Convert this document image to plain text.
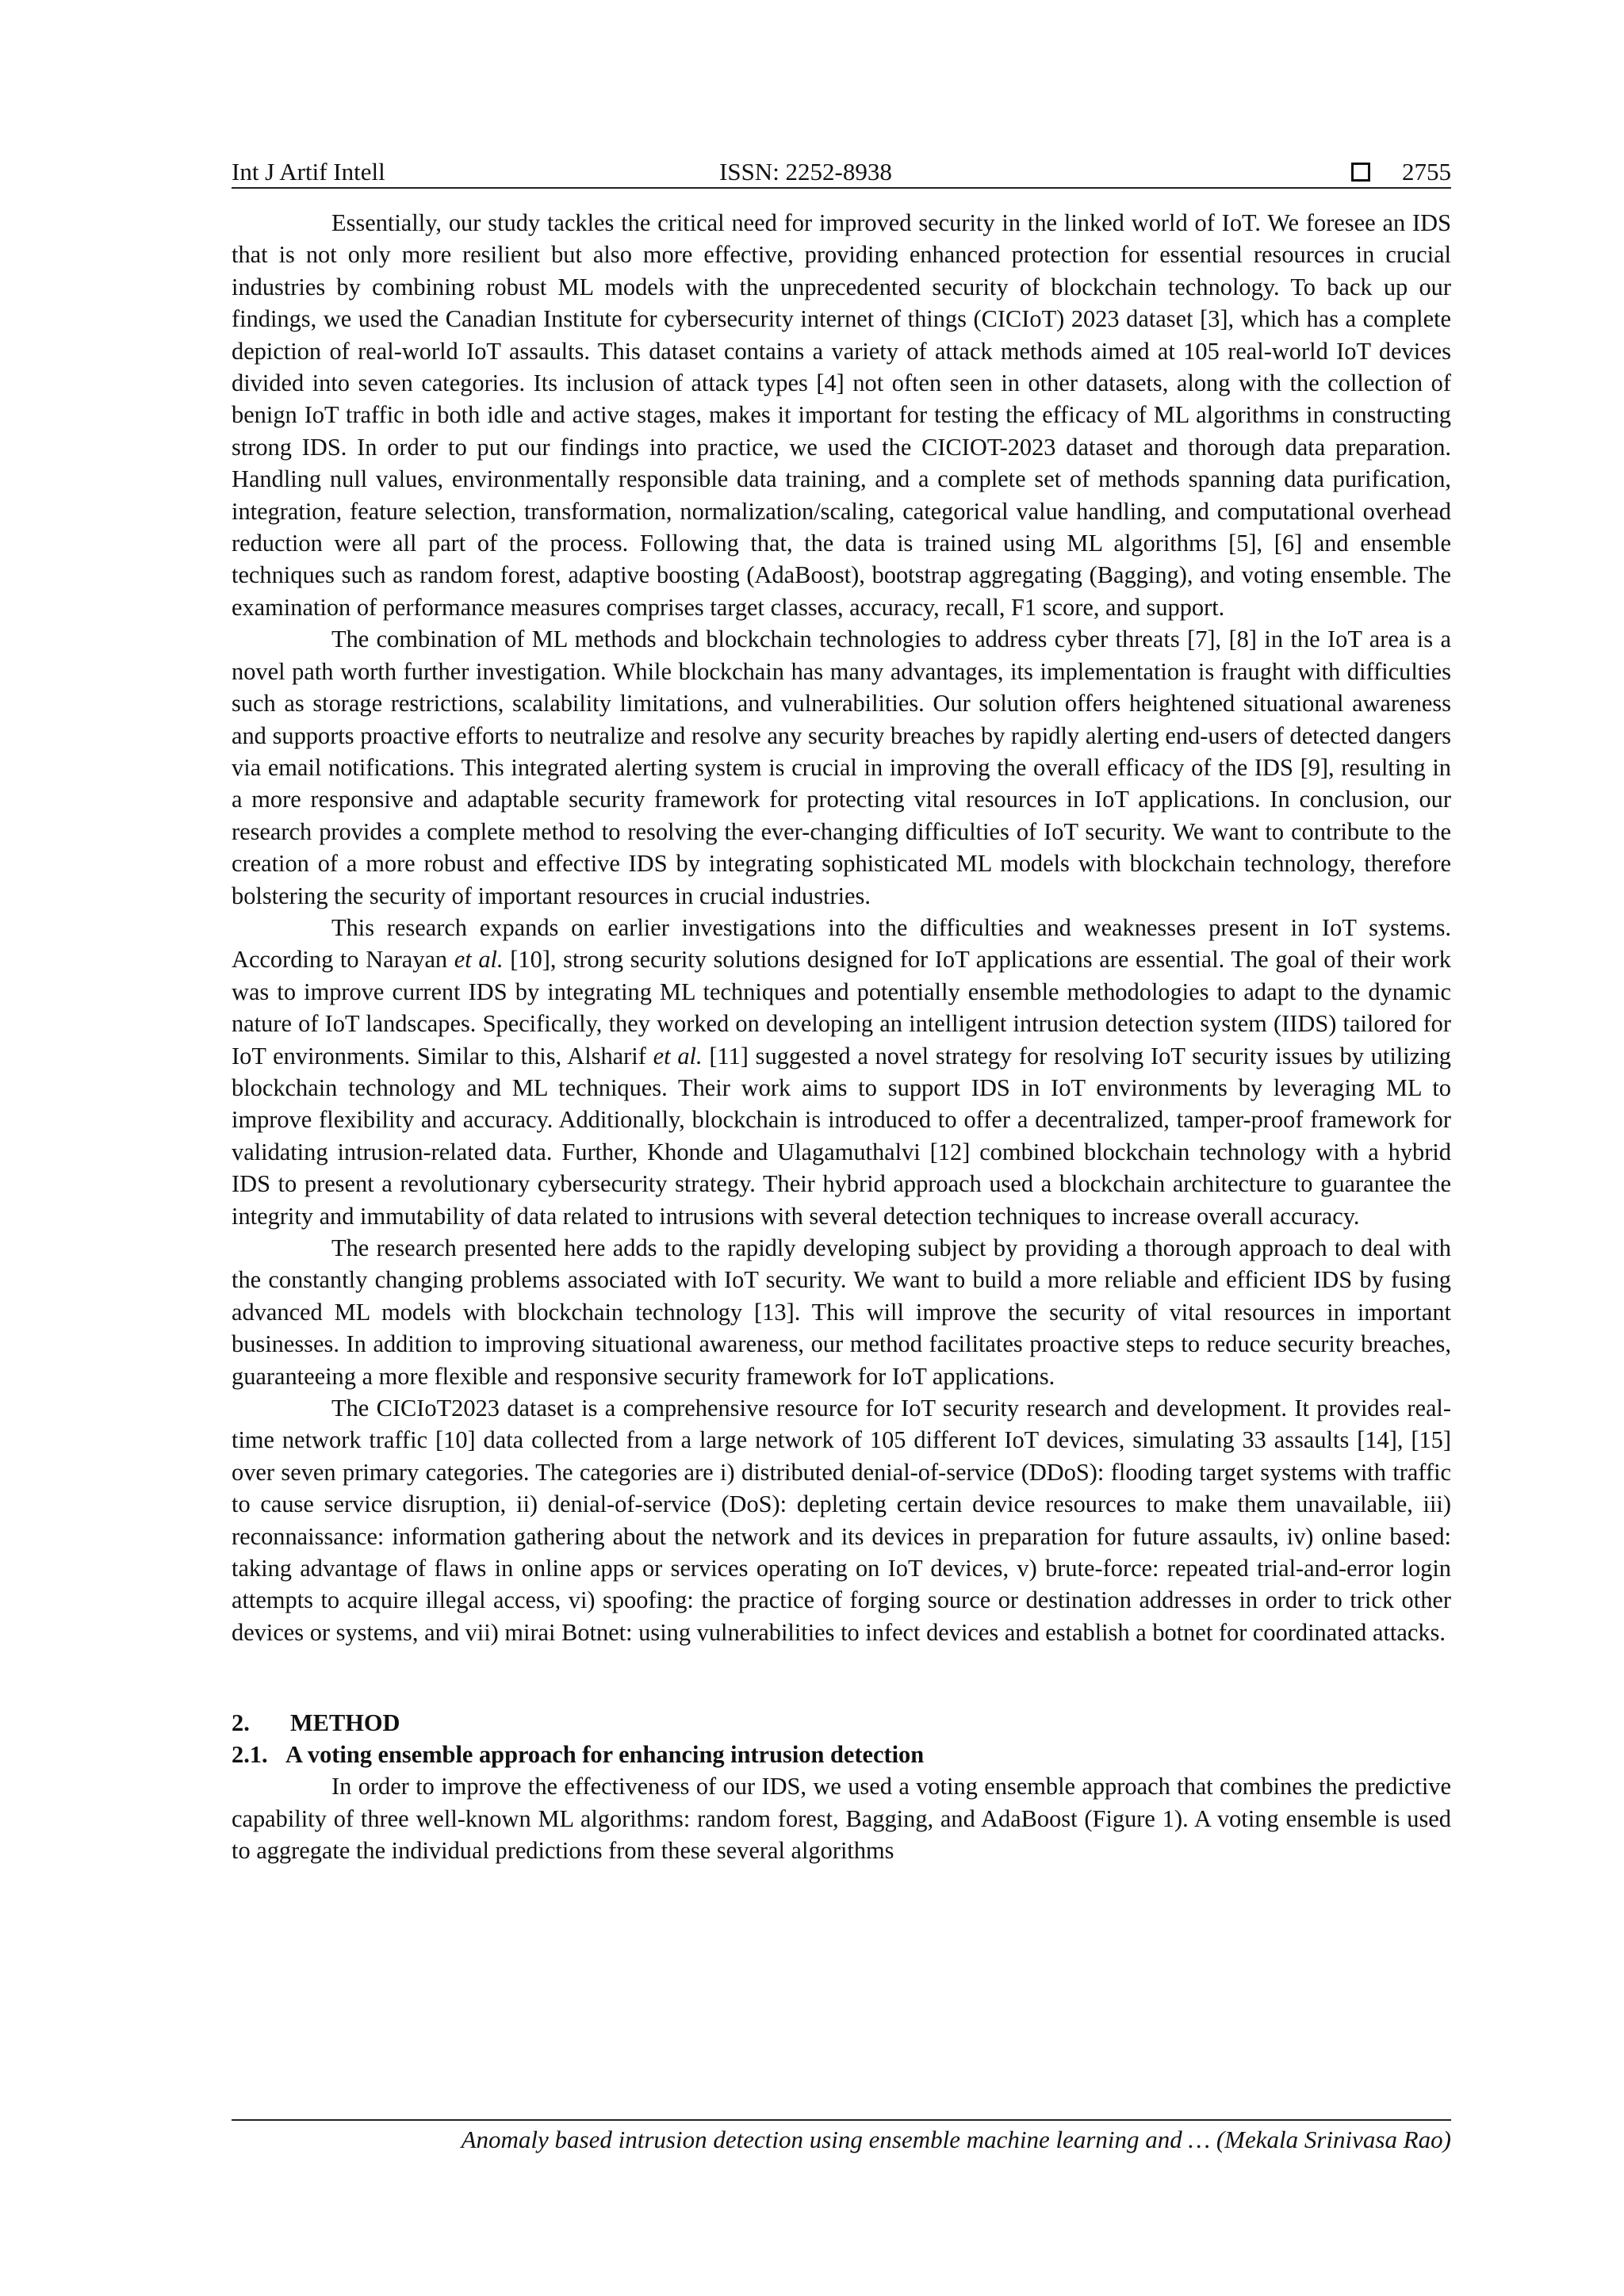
Int J Artif Intell	ISSN: 2252-8938	2755

Essentially, our study tackles the critical need for improved security in the linked world of IoT. We foresee an IDS that is not only more resilient but also more effective, providing enhanced protection for essential resources in crucial industries by combining robust ML models with the unprecedented security of blockchain technology. To back up our findings, we used the Canadian Institute for cybersecurity internet of things (CICIoT) 2023 dataset [3], which has a complete depiction of real-world IoT assaults. This dataset contains a variety of attack methods aimed at 105 real-world IoT devices divided into seven categories. Its inclusion of attack types [4] not often seen in other datasets, along with the collection of benign IoT traffic in both idle and active stages, makes it important for testing the efficacy of ML algorithms in constructing strong IDS. In order to put our findings into practice, we used the CICIOT-2023 dataset and thorough data preparation. Handling null values, environmentally responsible data training, and a complete set of methods spanning data purification, integration, feature selection, transformation, normalization/scaling, categorical value handling, and computational overhead reduction were all part of the process. Following that, the data is trained using ML algorithms [5], [6] and ensemble techniques such as random forest, adaptive boosting (AdaBoost), bootstrap aggregating (Bagging), and voting ensemble. The examination of performance measures comprises target classes, accuracy, recall, F1 score, and support.

The combination of ML methods and blockchain technologies to address cyber threats [7], [8] in the IoT area is a novel path worth further investigation. While blockchain has many advantages, its implementation is fraught with difficulties such as storage restrictions, scalability limitations, and vulnerabilities. Our solution offers heightened situational awareness and supports proactive efforts to neutralize and resolve any security breaches by rapidly alerting end-users of detected dangers via email notifications. This integrated alerting system is crucial in improving the overall efficacy of the IDS [9], resulting in a more responsive and adaptable security framework for protecting vital resources in IoT applications. In conclusion, our research provides a complete method to resolving the ever-changing difficulties of IoT security. We want to contribute to the creation of a more robust and effective IDS by integrating sophisticated ML models with blockchain technology, therefore bolstering the security of important resources in crucial industries.

This research expands on earlier investigations into the difficulties and weaknesses present in IoT systems. According to Narayan et al. [10], strong security solutions designed for IoT applications are essential. The goal of their work was to improve current IDS by integrating ML techniques and potentially ensemble methodologies to adapt to the dynamic nature of IoT landscapes. Specifically, they worked on developing an intelligent intrusion detection system (IIDS) tailored for IoT environments. Similar to this, Alsharif et al. [11] suggested a novel strategy for resolving IoT security issues by utilizing blockchain technology and ML techniques. Their work aims to support IDS in IoT environments by leveraging ML to improve flexibility and accuracy. Additionally, blockchain is introduced to offer a decentralized, tamper-proof framework for validating intrusion-related data. Further, Khonde and Ulagamuthalvi [12] combined blockchain technology with a hybrid IDS to present a revolutionary cybersecurity strategy. Their hybrid approach used a blockchain architecture to guarantee the integrity and immutability of data related to intrusions with several detection techniques to increase overall accuracy.

The research presented here adds to the rapidly developing subject by providing a thorough approach to deal with the constantly changing problems associated with IoT security. We want to build a more reliable and efficient IDS by fusing advanced ML models with blockchain technology [13]. This will improve the security of vital resources in important businesses. In addition to improving situational awareness, our method facilitates proactive steps to reduce security breaches, guaranteeing a more flexible and responsive security framework for IoT applications.

The CICIoT2023 dataset is a comprehensive resource for IoT security research and development. It provides real-time network traffic [10] data collected from a large network of 105 different IoT devices, simulating 33 assaults [14], [15] over seven primary categories. The categories are i) distributed denial-of-service (DDoS): flooding target systems with traffic to cause service disruption, ii) denial-of-service (DoS): depleting certain device resources to make them unavailable, iii) reconnaissance: information gathering about the network and its devices in preparation for future assaults, iv) online based: taking advantage of flaws in online apps or services operating on IoT devices, v) brute-force: repeated trial-and-error login attempts to acquire illegal access, vi) spoofing: the practice of forging source or destination addresses in order to trick other devices or systems, and vii) mirai Botnet: using vulnerabilities to infect devices and establish a botnet for coordinated attacks.

2. METHOD
2.1. A voting ensemble approach for enhancing intrusion detection

In order to improve the effectiveness of our IDS, we used a voting ensemble approach that combines the predictive capability of three well-known ML algorithms: random forest, Bagging, and AdaBoost (Figure 1). A voting ensemble is used to aggregate the individual predictions from these several algorithms

Anomaly based intrusion detection using ensemble machine learning and … (Mekala Srinivasa Rao)
